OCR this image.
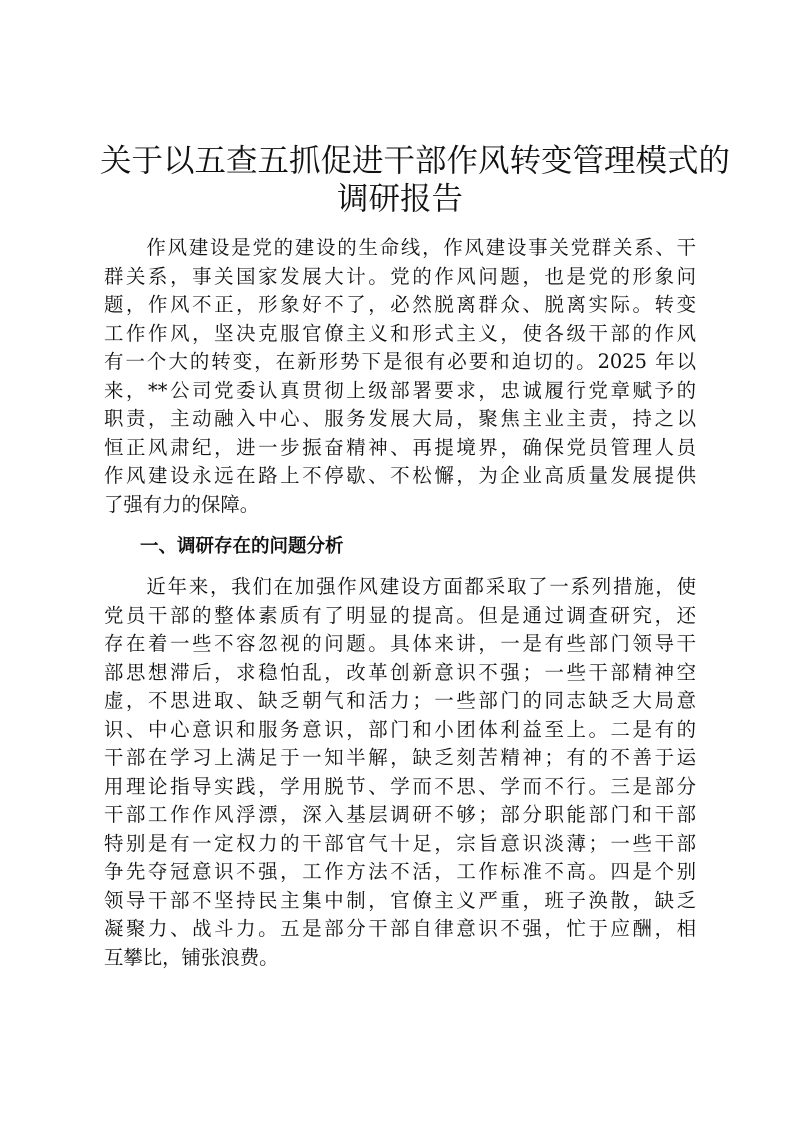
关于以五查五抓促进干部作风转变管理模式的
调研报告

　　作风建设是党的建设的生命线，作风建设事关党群关系、干
群关系，事关国家发展大计。党的作风问题，也是党的形象问
题，作风不正，形象好不了，必然脱离群众、脱离实际。转变
工作作风，坚决克服官僚主义和形式主义，使各级干部的作风
有一个大的转变，在新形势下是很有必要和迫切的。2025 年以
来，**公司党委认真贯彻上级部署要求，忠诚履行党章赋予的
职责，主动融入中心、服务发展大局，聚焦主业主责，持之以
恒正风肃纪，进一步振奋精神、再提境界，确保党员管理人员
作风建设永远在路上不停歇、不松懈，为企业高质量发展提供
了强有力的保障。

一、调研存在的问题分析

　　近年来，我们在加强作风建设方面都采取了一系列措施，使
党员干部的整体素质有了明显的提高。但是通过调查研究，还
存在着一些不容忽视的问题。具体来讲，一是有些部门领导干
部思想滞后，求稳怕乱，改革创新意识不强；一些干部精神空
虚，不思进取、缺乏朝气和活力；一些部门的同志缺乏大局意
识、中心意识和服务意识，部门和小团体利益至上。二是有的
干部在学习上满足于一知半解，缺乏刻苦精神；有的不善于运
用理论指导实践，学用脱节、学而不思、学而不行。三是部分
干部工作作风浮漂，深入基层调研不够；部分职能部门和干部
特别是有一定权力的干部官气十足，宗旨意识淡薄；一些干部
争先夺冠意识不强，工作方法不活，工作标准不高。四是个别
领导干部不坚持民主集中制，官僚主义严重，班子涣散，缺乏
凝聚力、战斗力。五是部分干部自律意识不强，忙于应酬，相
互攀比，铺张浪费。
